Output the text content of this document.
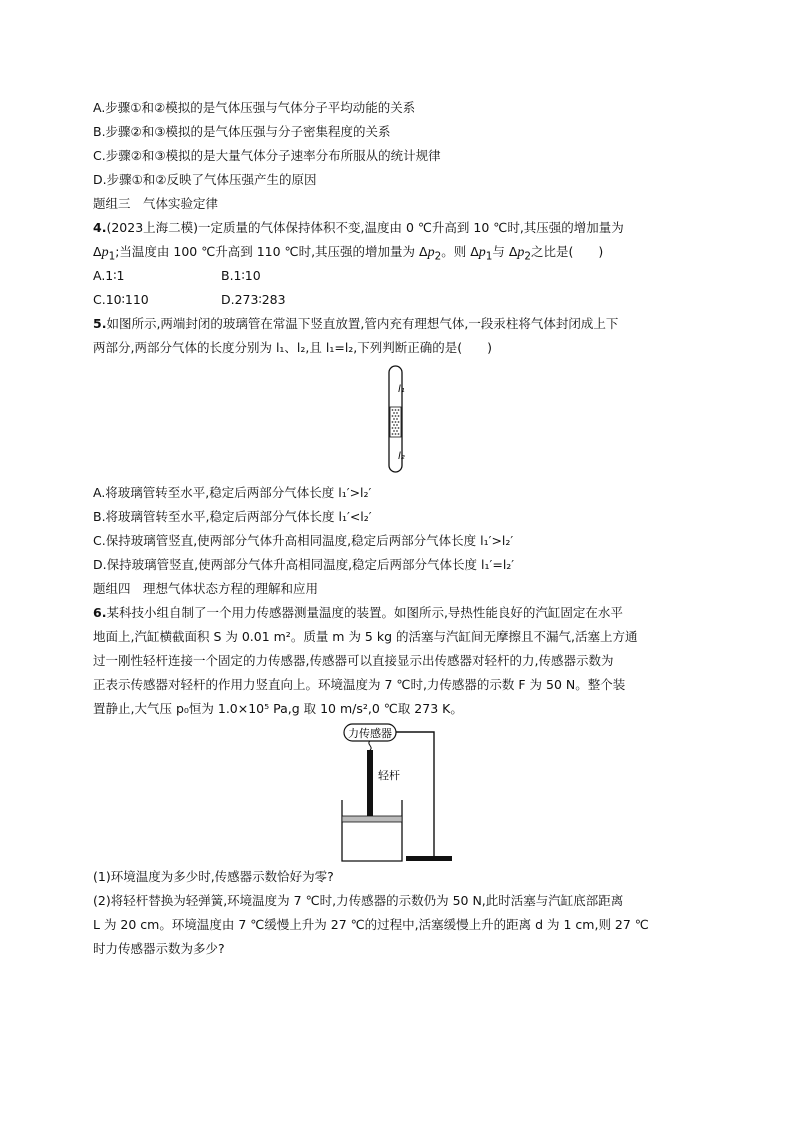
A.步骤①和②模拟的是气体压强与气体分子平均动能的关系
B.步骤②和③模拟的是气体压强与分子密集程度的关系
C.步骤②和③模拟的是大量气体分子速率分布所服从的统计规律
D.步骤①和②反映了气体压强产生的原因
题组三　气体实验定律
4.(2023上海二模)一定质量的气体保持体积不变,温度由 0 ℃升高到 10 ℃时,其压强的增加量为
$\Delta p_1$;当温度由 100 ℃升高到 110 ℃时,其压强的增加量为 $\Delta p_2$。则 $\Delta p_1$与 $\Delta p_2$之比是(　　)
A.1∶1	B.1∶10
C.10∶110	D.273∶283
5.如图所示,两端封闭的玻璃管在常温下竖直放置,管内充有理想气体,一段汞柱将气体封闭成上下
两部分,两部分气体的长度分别为 l₁、l₂,且 l₁=l₂,下列判断正确的是(　　)
l₁
l₂
A.将玻璃管转至水平,稳定后两部分气体长度 l₁′>l₂′
B.将玻璃管转至水平,稳定后两部分气体长度 l₁′<l₂′
C.保持玻璃管竖直,使两部分气体升高相同温度,稳定后两部分气体长度 l₁′>l₂′
D.保持玻璃管竖直,使两部分气体升高相同温度,稳定后两部分气体长度 l₁′=l₂′
题组四　理想气体状态方程的理解和应用
6.某科技小组自制了一个用力传感器测量温度的装置。如图所示,导热性能良好的汽缸固定在水平
地面上,汽缸横截面积 S 为 0.01 m²。质量 m 为 5 kg 的活塞与汽缸间无摩擦且不漏气,活塞上方通
过一刚性轻杆连接一个固定的力传感器,传感器可以直接显示出传感器对轻杆的力,传感器示数为
正表示传感器对轻杆的作用力竖直向上。环境温度为 7 ℃时,力传感器的示数 F 为 50 N。整个装
置静止,大气压 p₀恒为 1.0×10⁵ Pa,g 取 10 m/s²,0 ℃取 273 K。
力传感器
轻杆
(1)环境温度为多少时,传感器示数恰好为零?
(2)将轻杆替换为轻弹簧,环境温度为 7 ℃时,力传感器的示数仍为 50 N,此时活塞与汽缸底部距离
L 为 20 cm。环境温度由 7 ℃缓慢上升为 27 ℃的过程中,活塞缓慢上升的距离 d 为 1 cm,则 27 ℃
时力传感器示数为多少?
